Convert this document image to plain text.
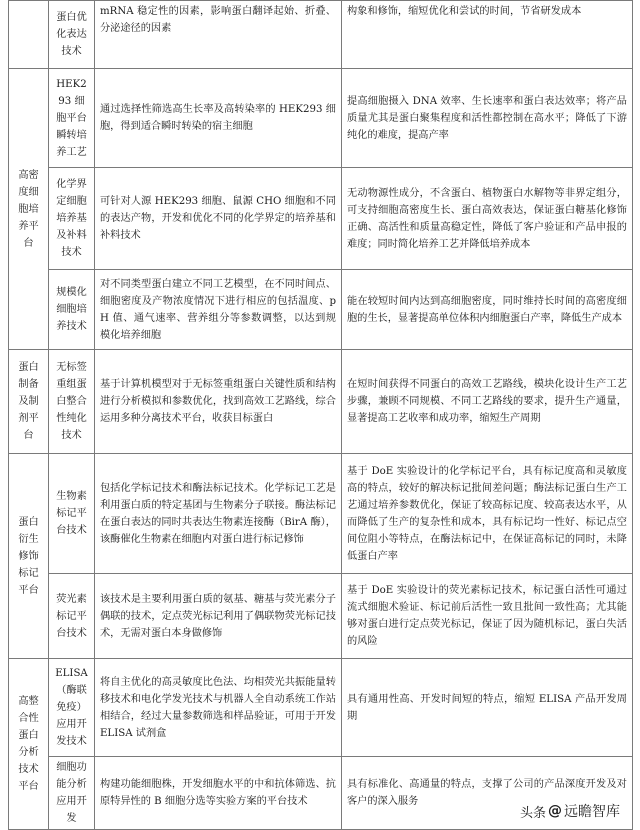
	蛋白优化表达技术	mRNA 稳定性的因素，影响蛋白翻译起始、折叠、分泌途径的因素	构象和修饰，缩短优化和尝试的时间，节省研发成本

高密度细胞培养平台	HEK293 细胞平台瞬转培养工艺	通过选择性筛选高生长率及高转染率的 HEK293 细胞，得到适合瞬时转染的宿主细胞	提高细胞摄入 DNA 效率、生长速率和蛋白表达效率；将产品质量尤其是蛋白聚集程度和活性都控制在高水平；降低了下游纯化的难度，提高产率

	化学界定细胞培养基及补料技术	可针对人源 HEK293 细胞、鼠源 CHO 细胞和不同的表达产物，开发和优化不同的化学界定的培养基和补料技术	无动物源性成分，不含蛋白、植物蛋白水解物等非界定组分，可支持细胞高密度生长、蛋白高效表达，保证蛋白糖基化修饰正确、高活性和质量高稳定性，降低了客户验证和产品申报的难度；同时简化培养工艺并降低培养成本

	规模化细胞培养技术	对不同类型蛋白建立不同工艺模型，在不同时间点、细胞密度及产物浓度情况下进行相应的包括温度、pH 值、通气速率、营养组分等参数调整，以达到规模化培养细胞	能在较短时间内达到高细胞密度，同时维持长时间的高密度细胞的生长，显著提高单位体积内细胞蛋白产率，降低生产成本

蛋白制备及制剂平台	无标签重组蛋白整合性纯化技术	基于计算机模型对于无标签重组蛋白关键性质和结构进行分析模拟和参数优化，找到高效工艺路线，综合运用多种分离技术平台，收获目标蛋白	在短时间获得不同蛋白的高效工艺路线，模块化设计生产工艺步骤，兼顾不同规模、不同工艺路线的要求，提升生产通量，显著提高工艺收率和成功率，缩短生产周期

蛋白衍生修饰标记平台	生物素标记平台技术	包括化学标记技术和酶法标记技术。化学标记工艺是利用蛋白质的特定基团与生物素分子联接。酶法标记在蛋白表达的同时共表达生物素连接酶（BirA 酶），该酶催化生物素在细胞内对蛋白进行标记修饰	基于 DoE 实验设计的化学标记平台，具有标记度高和灵敏度高的特点，较好的解决标记批间差问题；酶法标记蛋白生产工艺通过培养参数优化，保证了较高标记度、较高表达水平，从而降低了生产的复杂性和成本，具有标记均一性好、标记点空间位阻小等特点，在酶法标记中，在保证高标记的同时，未降低蛋白产率

	荧光素标记平台技术	该技术是主要利用蛋白质的氨基、糖基与荧光素分子偶联的技术，定点荧光标记利用了偶联物荧光标记技术，无需对蛋白本身做修饰	基于 DoE 实验设计的荧光素标记技术，标记蛋白活性可通过流式细胞术验证、标记前后活性一致且批间一致性高；尤其能够对蛋白进行定点荧光标记，保证了因为随机标记，蛋白失活的风险

高整合性蛋白分析技术平台	ELISA（酶联免疫）应用开发技术	将自主优化的高灵敏度比色法、均相荧光共振能量转移技术和电化学发光技术与机器人全自动系统工作站相结合，经过大量参数筛选和样品验证，可用于开发 ELISA 试剂盒	具有通用性高、开发时间短的特点，缩短 ELISA 产品开发周期

	细胞功能分析应用开发	构建功能细胞株，开发细胞水平的中和抗体筛选、抗原特异性的 B 细胞分选等实验方案的平台技术	具有标准化、高通量的特点，支撑了公司的产品深度开发及对客户的深入服务
头条 @ 远瞻智库
